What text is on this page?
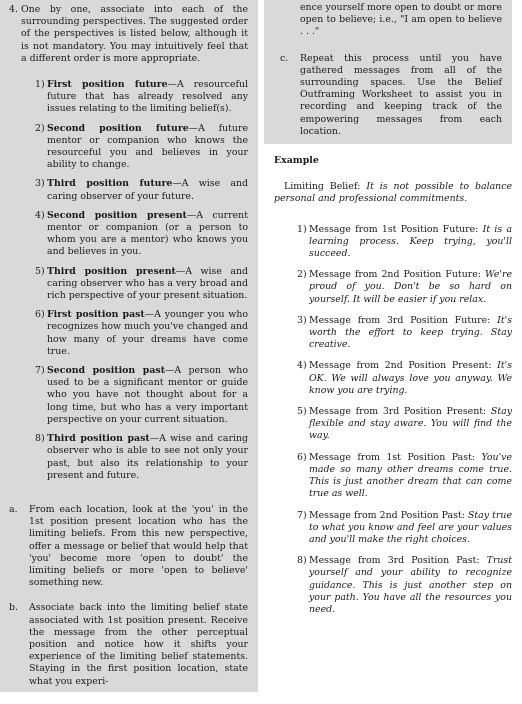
4. One by one, associate into each of the surrounding perspectives. The suggested order of the perspectives is listed below, although it is not mandatory. You may intuitively feel that a different order is more appropriate.

1) First position future—A resourceful future that has already resolved any issues relating to the limiting belief(s).

2) Second position future—A future mentor or companion who knows the resourceful you and believes in your ability to change.

3) Third position future—A wise and caring observer of your future.

4) Second position present—A current mentor or companion (or a person to whom you are a mentor) who knows you and believes in you.

5) Third position present—A wise and caring observer who has a very broad and rich perspective of your present situation.

6) First position past—A younger you who recognizes how much you've changed and how many of your dreams have come true.

7) Second position past—A person who used to be a significant mentor or guide who you have not thought about for a long time, but who has a very important perspective on your current situation.

8) Third position past—A wise and caring observer who is able to see not only your past, but also its relationship to your present and future.

a.	From each location, look at the 'you' in the 1st position present location who has the limiting beliefs. From this new perspective, offer a message or belief that would help that 'you' become more 'open to doubt' the limiting beliefs or more 'open to believe' something new.

b.	Associate back into the limiting belief state associated with 1st position present. Receive the message from the other perceptual position and notice how it shifts your experience of the limiting belief statements. Staying in the first position location, state what you experi-

ence yourself more open to doubt or more open to believe; i.e., "I am open to believe . . ."

c.	Repeat this process until you have gathered messages from all of the surrounding spaces. Use the Belief Outframing Worksheet to assist you in recording and keeping track of the empowering messages from each location.

Example

Limiting Belief: It is not possible to balance personal and professional commitments.

1) Message from 1st Position Future: It is a learning process. Keep trying, you'll succeed.

2) Message from 2nd Position Future: We're proud of you. Don't be so hard on yourself. It will be easier if you relax.

3) Message from 3rd Position Future: It's worth the effort to keep trying. Stay creative.

4) Message from 2nd Position Present: It's OK. We will always love you anyway. We know you are trying.

5) Message from 3rd Position Present: Stay flexible and stay aware. You will find the way.

6) Message from 1st Position Past: You've made so many other dreams come true. This is just another dream that can come true as well.

7) Message from 2nd Position Past: Stay true to what you know and feel are your values and you'll make the right choices.

8) Message from 3rd Position Past: Trust yourself and your ability to recognize guidance. This is just another step on your path. You have all the resources you need.
